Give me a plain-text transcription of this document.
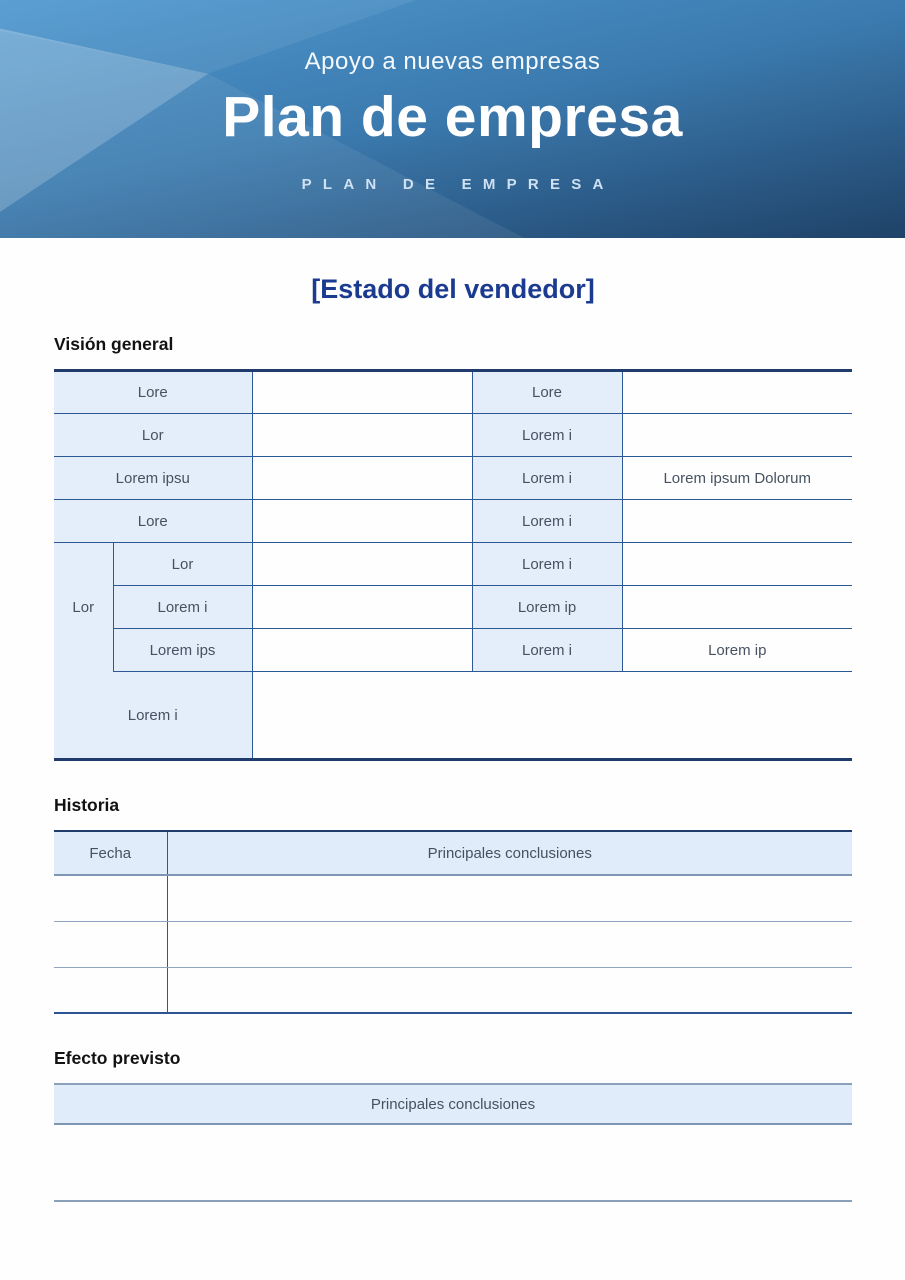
Apoyo a nuevas empresas
Plan de empresa
PLAN DE EMPRESA
[Estado del vendedor]
Visión general
Lore			Lore	
Lor			Lorem i	
Lorem ipsu			Lorem i	Lorem ipsum Dolorum
Lore			Lorem i	
Lor	Lor		Lorem i	
	Lorem i		Lorem ip	
	Lorem ips		Lorem i	Lorem ip
Lorem i				
Historia
Fecha	Principales conclusiones

Efecto previsto
Principales conclusiones
